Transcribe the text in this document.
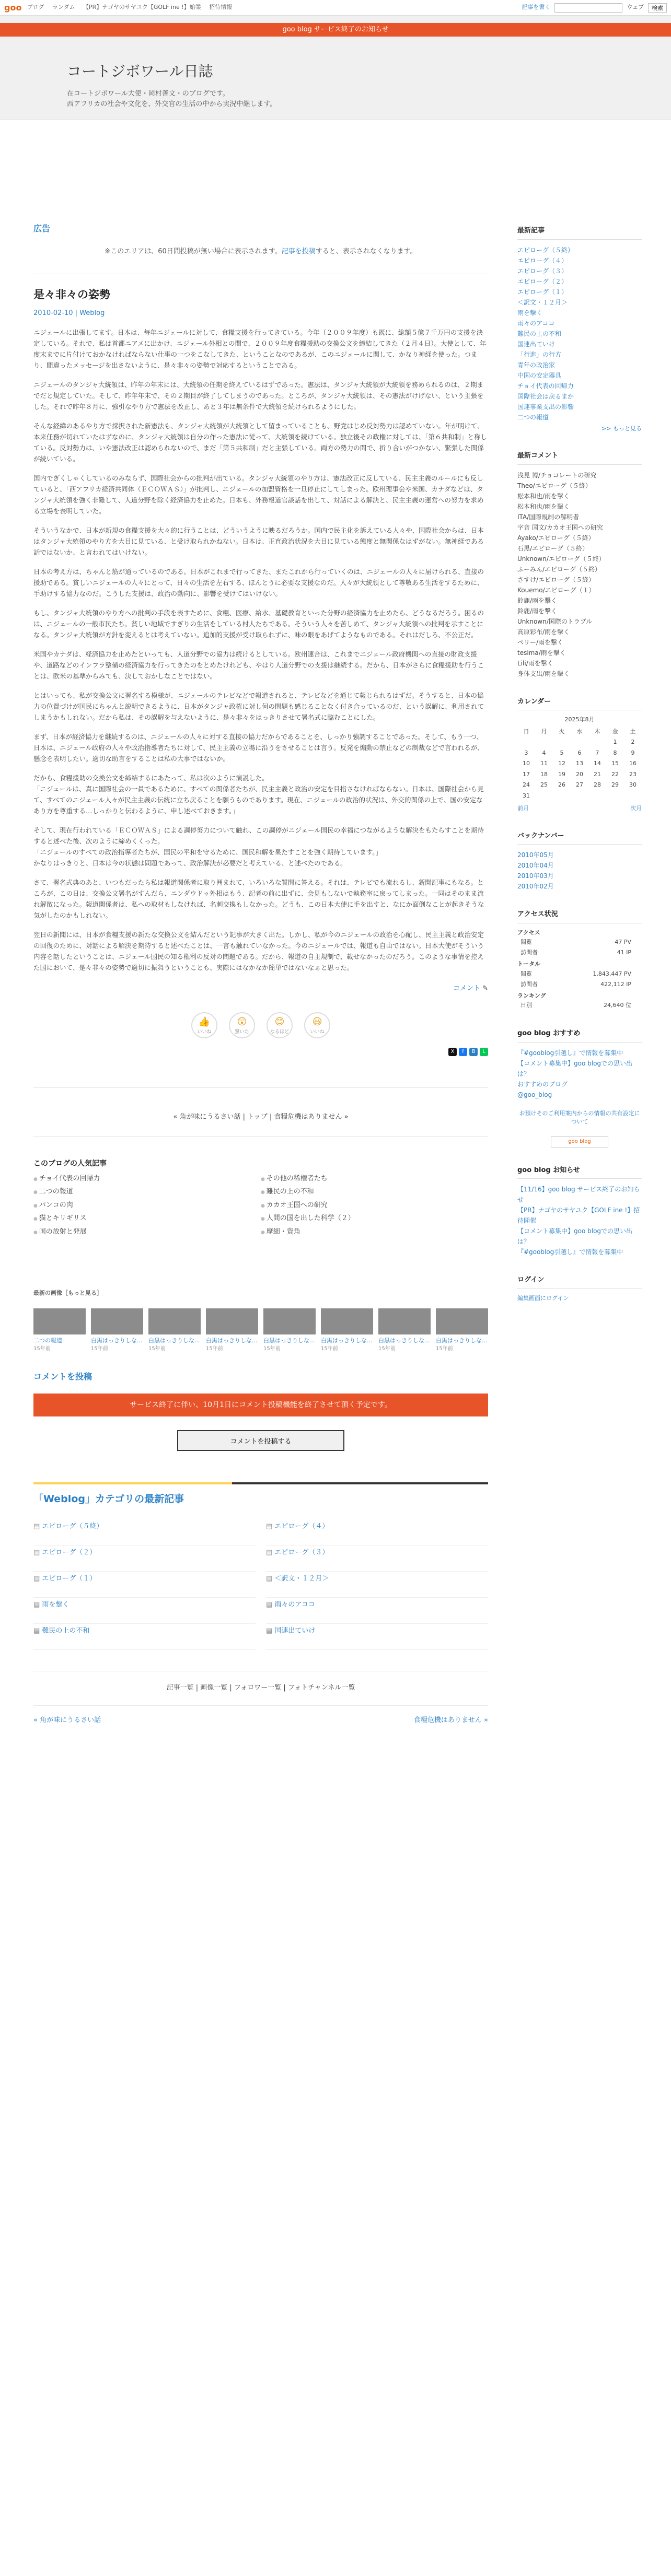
goo ブログ ランダム 【PR】ナゴヤのサヤユク【GOLF ine !】始業 招待情報	記事を書く	ウェブ	検索
goo blog サービス終了のお知らせ
コートジボワール日誌
在コートジボワール大使・岡村善文・のブログです。
西アフリカの社会や文化を、外交官の生活の中から実況中継します。
広告
※このエリアは、60日間投稿が無い場合に表示されます。記事を投稿すると、表示されなくなります。
是々非々の姿勢
2010-02-10 | Weblog

ニジェールに出張してます。日本は、毎年ニジェールに対して、食糧支援を行ってきている。今年（２００９年度）も既に、総額５億７千万円の支援を決定している。それで、私は首都ニアメに出かけ、ニジェール外相との間で、２００９年度食糧援助の交換公文を締結してきた（２月４日）。大使として、年度末までに片付けておかなければならない仕事の一つをこなしてきた、ということなのであるが、このニジェールに関して、かなり神経を使った。つまり、間違ったメッセージを出さないように、是々非々の姿勢で対応するということである。

ニジェールのタンジャ大統領は、昨年の年末には、大統領の任期を終えているはずであった。憲法は、タンジャ大統領が大統領を務められるのは、２期までだと規定していた。そして、昨年年末で、その２期目が終了してしまうのであった。ところが、タンジャ大統領は、その憲法がけげない、という主張をした。それで昨年８月に、強引なやり方で憲法を改正し、あと３年は無条件で大統領を続けられるようにした。

そんな経緯のあるやり方で採択された新憲法も、タンジャ大統領が大統領として留まっていることも、野党はじめ反対勢力は認めていない。年が明けて、本来任務が切れていたはずなのに、タンジャ大統領は自分の作った憲法に従って、大統領を続けている。独立後その政権に対しては、「第６共和制」と称している。反対勢力は、いや憲法改正は認められないので、まだ「第５共和制」だと主張している。両方の勢力の間で、折り合いがつかない、緊張した関係が続いている。

国内でぎくしゃくしているのみならず、国際社会からの批判が出ている。タンジャ大統領のやり方は、憲法改正に反している、民主主義のルールにも反していると、「西アフリカ経済共同体（ＥＣＯＷＡＳ）」が批判し、ニジェールの加盟資格を一旦停止にしてしまった。欧州理事会や米国、カナダなどは、タンジャ大統領を強く非難して、人道分野を除く経済協力を止めた。日本も、外務報道官談話を出して、対話による解決と、民主主義の運営への努力を求める立場を表明していた。

そういうなかで、日本が新規の食糧支援を大々的に行うことは、どういうように映るだろうか。国内で民主化を訴えている人々や、国際社会からは、日本はタンジャ大統領のやり方を大目に見ている、と受け取られかねない。日本は、正直政治状況を大目に見ている態度と無関係なはずがない。無神経である話ではないか、と言われてはいけない。

日本の考え方は、ちゃんと筋が通っているのである。日本がこれまで行ってきた、またこれから行っていくのは、ニジェールの人々に届けられる、直接の援助である。貧しいニジェールの人々にとって、日々の生活を左右する、ほんとうに必要な支援なのだ。人々が大統領として尊敬ある生活をするために、手助けする協力なのだ。こうした支援は、政治の動向に、影響を受けてはいけない。

もし、タンジャ大統領のやり方への批判の手段を表すために、食糧、医療、給水、基礎教育といった分野の経済協力を止めたら、どうなるだろう。困るのは、ニジェールの一般市民たち。貧しい地域ですぎりの生活をしている村人たちである。そういう人々を苦しめて、タンジャ大統領への批判を示すことになる。タンジャ大統領が方針を変えるとは考えていない。追加的支援が受け取られずに、味の眼をあげてようなものである。それはだしろ、不公正だ。

米国やカナダは、経済協力を止めたといっても、人道分野での協力は続けるとしている。欧州連合は、これまでニジェール政府機関への直接の財政支援や、道路などのインフラ整備の経済協力を行ってきたのをとめたけれども、やはり人道分野での支援は継続する。だから、日本がさらに食糧援助を行うことは、欧米の基準からみても、決しておかしなことではない。

とはいっても、私が交換公文に署名する模様が、ニジェールのテレビなどで報道されると、テレビなどを通じて報じられるはずだ。そうすると、日本の協力の位置づけが国民にちゃんと説明できるように、日本がタンジャ政権に対し何の問題も感じることなく付き合っているのだ、という誤解に、利用されてしまうかもしれない。だから私は、その誤解を与えないように、是々非々をはっきりさせて署名式に臨むことにした。

まず、日本が経済協力を継続するのは、ニジェールの人々に対する直接の協力だからであることを、しっかり強調することであった。そして、もう一つ、日本は、ニジェール政府の人々や政治指導者たちに対して、民主主義の立場に沿うをさせることは言う。反発を煽動の禁止などの制裁などで言われるが、懸念を表明したい。適切な助言をすることは私の大事ではないか。

だから、食糧援助の交換公文を締結するにあたって、私は次のように演説した。
「ニジェールは、真に国際社会の一員であるために、すべての関係者たちが、民主主義と政治の安定を目指さなければならない。日本は、国際社会から見て、すべてのニジェール人々が民主主義の伝統に立ち戻ることを願うものであります。現在、ニジェールの政治的状況は、外交的関係の上で、国の安定なあり方を尊重する…しっかりと伝わるように、申し述べておきます。」

そして、現在行われている「ＥＣＯＷＡＳ」による調停努力について触れ、この調停がニジェール国民の幸福につながるような解決をもたらすことを期待すると述べた後、次のように締めくくった。
「ニジェールのすべての政治指導者たちが、国民の平和を守るために、国民和解を果たすことを強く期待しています。」
かなりはっきりと、日本は今の状態は問題であって、政治解決が必要だと考えている、と述べたのである。

さて、署名式典のあと、いつもだったら私は報道関係者に取り囲まれて、いろいろな質問に答える。それは、テレビでも流れるし、新聞記事にもなる。ところが、この日は、交換公文署名がすんだら、ニンダウドゥ外相はもう、記者の前に出ずに、会見もしないで執務室に戻ってしまった。一同はそのまま流れ解散になった。報道関係者は、私への取材もしなければ、名刺交換もしなかった。どうも、この日本大使に手を出すと、なにか面倒なことが起きそうな気がしたのかもしれない。

翌日の新聞には、日本が食糧支援の新たな交換公文を結んだという記事が大きく出た。しかし、私が今のニジェールの政治を心配し、民主主義と政治安定の回復のために、対話による解決を期待すると述べたことは、一言も触れていなかった。今のニジェールでは、報道も自由ではない。日本大使がそういう内容を話したということは、ニジェール国民の知る権利の反対の問題である。だから、報道の自主規制で、載せなかったのだろう。このような事情を控えた国において、是々非々の姿勢で適切に振舞うということも、実際にはなかなか簡単ではないなぁと思った。

コメント ✎
👍
いいね
😲
驚いた
😊
なるほど
😃
いいね
X	f	B	L
« 角が味にうるさい話 | トップ | 食糧危機はありません »
このブログの人気記事
● チョイ代表の回帰力	● その他の稀権者たち
● 二つの報道	● 難民の上の不和
● パンコの肉	● カカオ王国への研究
● 猫とキリギリス	● 人間の国を出した科学（２）
● 国の放射と発展	● 摩細・資角
最新の画像［もっと見る］
二つの報道
15年前
白黒はっきりしな...
15年前
白黒はっきりしな...
15年前
白黒はっきりしな...
15年前
白黒はっきりしな...
15年前
白黒はっきりしな...
15年前
白黒はっきりしな...
15年前
白黒はっきりしな...
15年前
コメントを投稿
サービス終了に伴い、10月1日にコメント投稿機能を終了させて頂く予定です。
コメントを投稿する
「Weblog」カテゴリの最新記事
▤ エピローグ（５終）	▤ エピローグ（４）
▤ エピローグ（２）	▤ エピローグ（３）
▤ エピローグ（１）	▤ ＜訳文・１２月＞
▤ 雨を撃く	▤ 雨々のアココ
▤ 難民の上の不和	▤ 国連出ていけ
記事一覧 | 画像一覧 | フォロワー一覧 | フォトチャンネル一覧
« 角が味にうるさい話	食糧危機はありません »
最新記事
エピローグ（５終）
エピローグ（４）
エピローグ（３）
エピローグ（２）
エピローグ（１）
＜訳文・１２月＞
雨を撃く
雨々のアココ
難民の上の不和
国連出ていけ
「行進」の行方
青年の政治家
中国の安定器具
チョイ代表の回帰力
国際社会は戻るまか
国連事業支出の影響
二つの報道
>> もっと見る
最新コメント
浅見 博/チョコレートの研究
Theo/エピローグ（５終）
松本和也/雨を撃く
松本和也/雨を撃く
ITA/国際規制の解明者
字音 国文/カカオ王国への研究
Ayako/エピローグ（５終）
石黒/エピローグ（５終）
Unknown/エピローグ（５終）
ふーみん/エピローグ（５終）
さすけ/エピローグ（５終）
Kouemo/エピローグ（１）
鈴鹿/雨を撃く
鈴鹿/雨を撃く
Unknown/国際のトラブル
高原彩布/雨を撃く
ペリー/雨を撃く
tesima/雨を撃く
Lili/雨を撃く
身体支出/雨を撃く
カレンダー
2025年8月
日	月	火	水	木	金	土
					1	2
3	4	5	6	7	8	9
10	11	12	13	14	15	16
17	18	19	20	21	22	23
24	25	26	27	28	29	30
31						
前月	次月
バックナンバー
2010年05月
2010年04月
2010年03月
2010年02月
アクセス状況
アクセス
閲覧	47 PV
訪問者	41 IP
トータル
閲覧	1,843,447 PV
訪問者	422,112 IP
ランキング
日別	24,640 位
goo blog おすすめ
『#gooblog引越し』で情報を募集中
【コメント募集中】goo blogでの思い出は？
おすすめのブログ
@goo_blog
お預けそのご利用案内からの情報の共有設定について
goo blog
goo blog お知らせ
【11/16】goo blog サービス終了のお知らせ
【PR】ナゴヤのサヤユク【GOLF ine !】招待開催
【コメント募集中】goo blogでの思い出は？
『#gooblog引越し』で情報を募集中
ログイン
編集画面にログイン
